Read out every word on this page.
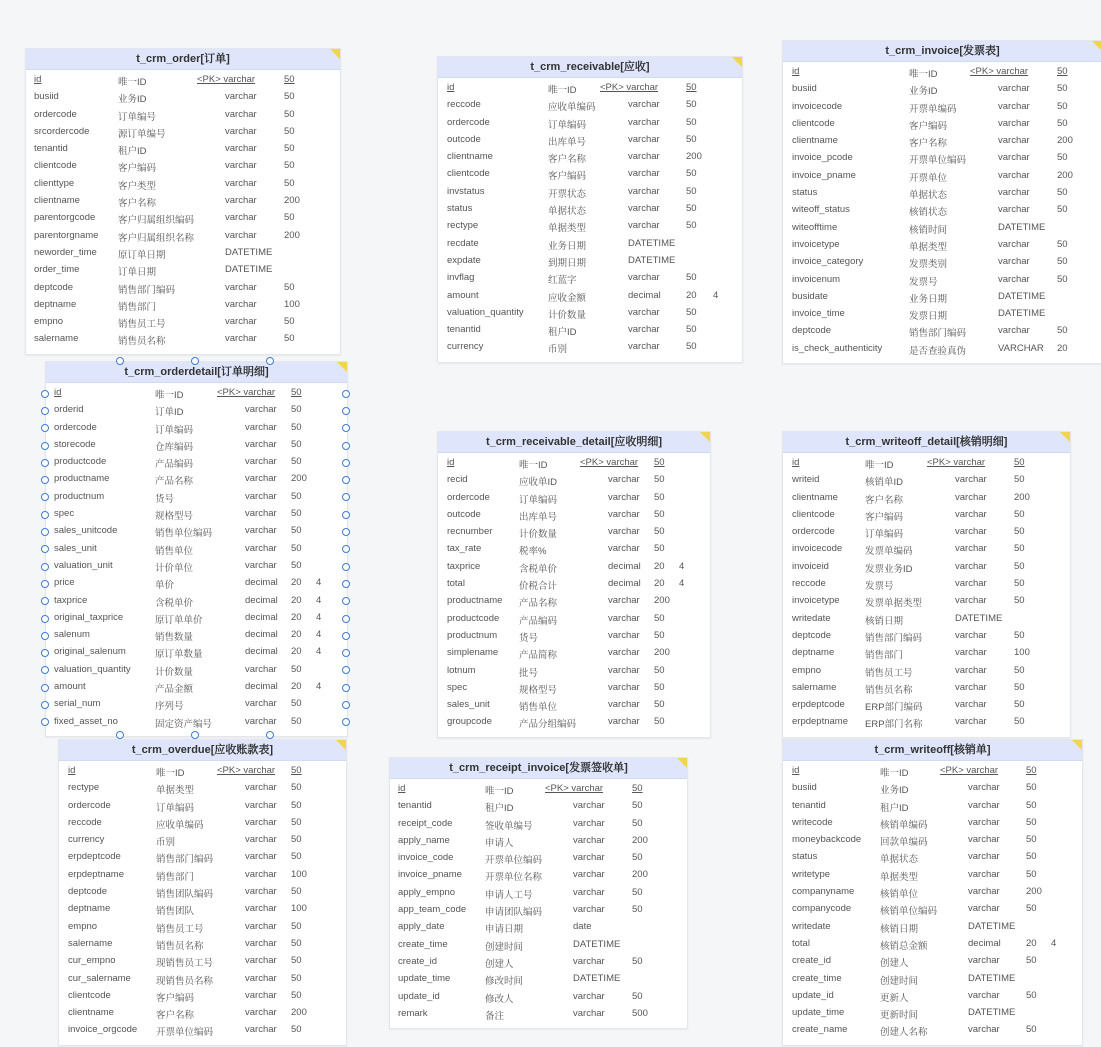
t_crm_order[订单]
id	唯一ID	<PK> varchar	50
busiid	业务ID	varchar	50
ordercode	订单编号	varchar	50
srcordercode	源订单编号	varchar	50
tenantid	租户ID	varchar	50
clientcode	客户编码	varchar	50
clienttype	客户类型	varchar	50
clientname	客户名称	varchar	200
parentorgcode 客户归属组织编码	varchar	50
parentorgname 客户归属组织名称	varchar	200
neworder_time 原订单日期	DATETIME
order_time	订单日期	DATETIME
deptcode	销售部门编码	varchar	50
deptname	销售部门	varchar	100
empno	销售员工号	varchar	50
salername	销售员名称	varchar	50
t_crm_receivable[应收]
id	唯一ID <PK> varchar	50
reccode	应收单编码	varchar	50
ordercode	订单编码	varchar	50
outcode	出库单号	varchar	50
clientname	客户名称	varchar	200
clientcode	客户编码	varchar	50
invstatus	开票状态	varchar	50
status	单据状态	varchar	50
rectype	单据类型	varchar	50
recdate	业务日期	DATETIME
expdate	到期日期	DATETIME
invflag	红蓝字	varchar	50
amount	应收金额	decimal	20 4
valuation_quantity	计价数量	varchar	50
tenantid	租户ID	varchar	50
currency	币别	varchar	50
t_crm_invoice[发票表]
id	唯一ID	<PK> varchar	50
busiid	业务ID	varchar	50
invoicecode	开票单编码	varchar	50
clientcode	客户编码	varchar	50
clientname	客户名称	varchar	200
invoice_pcode	开票单位编码	varchar	50
invoice_pname	开票单位	varchar	200
status	单据状态	varchar	50
witeoff_status	核销状态	varchar	50
witeofftime	核销时间	DATETIME
invoicetype	单据类型	varchar	50
invoice_category	发票类别	varchar	50
invoicenum	发票号	varchar	50
busidate	业务日期	DATETIME
invoice_time	发票日期	DATETIME
deptcode	销售部门编码	varchar	50
is_check_authenticity	是否查验真伪	VARCHAR 20
t_crm_orderdetail[订单明细]
id	唯一ID	<PK> varchar 50
orderid	订单ID	varchar 50
ordercode	订单编码	varchar 50
storecode	仓库编码	varchar 50
productcode	产品编码	varchar 50
productname	产品名称	varchar 200
productnum	货号	varchar 50
spec	规格型号	varchar 50
sales_unitcode	销售单位编码	varchar 50
sales_unit	销售单位	varchar 50
valuation_unit	计价单位	varchar 50
price	单价	decimal 20 4
taxprice	含税单价	decimal 20 4
original_taxprice	原订单单价	decimal 20 4
salenum	销售数量	decimal 20 4
original_salenum	原订单数量	decimal 20 4
valuation_quantity	计价数量	varchar 50
amount	产品金额	decimal 20 4
serial_num	序列号	varchar 50
fixed_asset_no	固定资产编号	varchar 50
t_crm_receivable_detail[应收明细]
id	唯一ID	<PK> varchar 50
recid	应收单ID	varchar 50
ordercode	订单编码	varchar 50
outcode	出库单号	varchar 50
recnumber	计价数量	varchar 50
tax_rate	税率%	varchar 50
taxprice	含税单价	decimal 20 4
total	价税合计	decimal 20 4
productname 产品名称	varchar 200
productcode 产品编码	varchar 50
productnum 货号	varchar 50
simplename 产品简称	varchar 200
lotnum	批号	varchar 50
spec	规格型号	varchar 50
sales_unit	销售单位	varchar 50
groupcode	产品分组编码	varchar 50
t_crm_writeoff_detail[核销明细]
id	唯一ID	<PK> varchar	50
writeid	核销单ID	varchar	50
clientname	客户名称	varchar	200
clientcode	客户编码	varchar	50
ordercode	订单编码	varchar	50
invoicecode 发票单编码	varchar	50
invoiceid	发票业务ID	varchar	50
reccode	发票号	varchar	50
invoicetype	发票单据类型	varchar	50
writedate	核销日期	DATETIME
deptcode	销售部门编码	varchar	50
deptname	销售部门	varchar	100
empno	销售员工号	varchar	50
salername	销售员名称	varchar	50
erpdeptcode ERP部门编码	varchar	50
erpdeptname ERP部门名称	varchar	50
t_crm_overdue[应收账款表]
id	唯一ID	<PK> varchar 50
rectype	单据类型	varchar 50
ordercode	订单编码	varchar 50
reccode	应收单编码	varchar 50
currency	币别	varchar 50
erpdeptcode	销售部门编码	varchar 50
erpdeptname	销售部门	varchar 100
deptcode	销售团队编码	varchar 50
deptname	销售团队	varchar 100
empno	销售员工号	varchar 50
salername	销售员名称	varchar 50
cur_empno	现销售员工号	varchar 50
cur_salername	现销售员名称	varchar 50
clientcode	客户编码	varchar 50
clientname	客户名称	varchar 200
invoice_orgcode 开票单位编码	varchar 50
t_crm_receipt_invoice[发票签收单]
id	唯一ID	<PK> varchar	50
tenantid	租户ID	varchar	50
receipt_code	签收单编号	varchar	50
apply_name	申请人	varchar	200
invoice_code	开票单位编码	varchar	50
invoice_pname 开票单位名称	varchar	200
apply_empno	申请人工号	varchar	50
app_team_code 申请团队编码	varchar	50
apply_date	申请日期	date
create_time	创建时间	DATETIME
create_id	创建人	varchar	50
update_time	修改时间	DATETIME
update_id	修改人	varchar	50
remark	备注	varchar	500
t_crm_writeoff[核销单]
id	唯一ID	<PK> varchar	50
busiid	业务ID	varchar	50
tenantid	租户ID	varchar	50
writecode	核销单编码	varchar	50
moneybackcode 回款单编码	varchar	50
status	单据状态	varchar	50
writetype	单据类型	varchar	50
companyname	核销单位	varchar	200
companycode	核销单位编码	varchar	50
writedate	核销日期	DATETIME
total	核销总金额	decimal	20 4
create_id	创建人	varchar	50
create_time	创建时间	DATETIME
update_id	更新人	varchar	50
update_time	更新时间	DATETIME
create_name	创建人名称	varchar	50
